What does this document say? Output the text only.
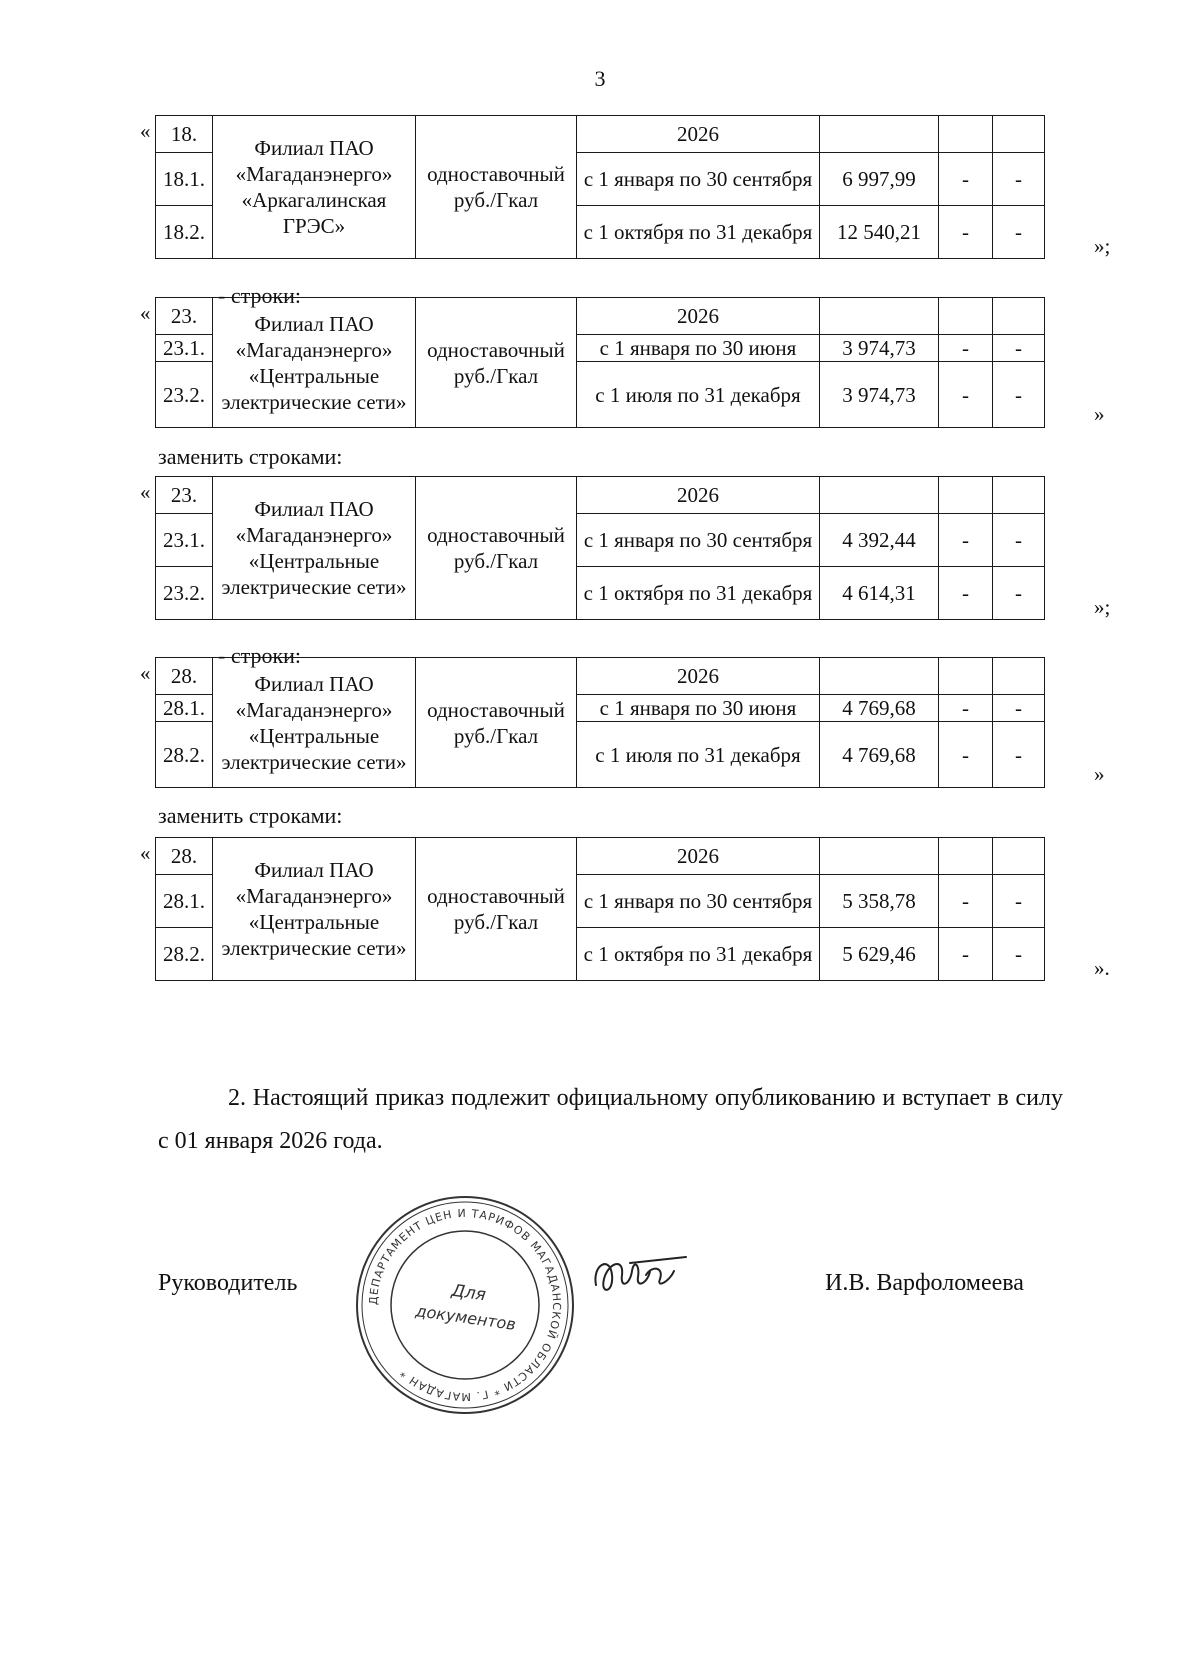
3
18.	Филиал ПАО «Магаданэнерго» «Аркагалинская ГРЭС»	одноставочный руб./Гкал	2026			
18.1.			с 1 января по 30 сентября	6 997,99	-	-
18.2.			с 1 октября по 31 декабря	12 540,21	-	-
«
»;
23.	Филиал ПАО «Магаданэнерго» «Центральные электрические сети»	одноставочный руб./Гкал	2026			
23.1.			с 1 января по 30 июня	3 974,73	-	-
23.2.			с 1 июля по 31 декабря	3 974,73	-	-
«
»
23.	Филиал ПАО «Магаданэнерго» «Центральные электрические сети»	одноставочный руб./Гкал	2026			
23.1.			с 1 января по 30 сентября	4 392,44	-	-
23.2.			с 1 октября по 31 декабря	4 614,31	-	-
«
»;
28.	Филиал ПАО «Магаданэнерго» «Центральные электрические сети»	одноставочный руб./Гкал	2026			
28.1.			с 1 января по 30 июня	4 769,68	-	-
28.2.			с 1 июля по 31 декабря	4 769,68	-	-
«
»
28.	Филиал ПАО «Магаданэнерго» «Центральные электрические сети»	одноставочный руб./Гкал	2026			
28.1.			с 1 января по 30 сентября	5 358,78	-	-
28.2.			с 1 октября по 31 декабря	5 629,46	-	-
«
».
- строки:
заменить строками:
- строки:
заменить строками:
2. Настоящий приказ подлежит официальному опубликованию и вступает в силу с 01 января 2026 года.
Руководитель	И.В. Варфоломеева
ДЕПАРТАМЕНТ ЦЕН И ТАРИФОВ МАГАДАНСКОЙ ОБЛАСТИ * Г. МАГАДАН *
Для
документов
